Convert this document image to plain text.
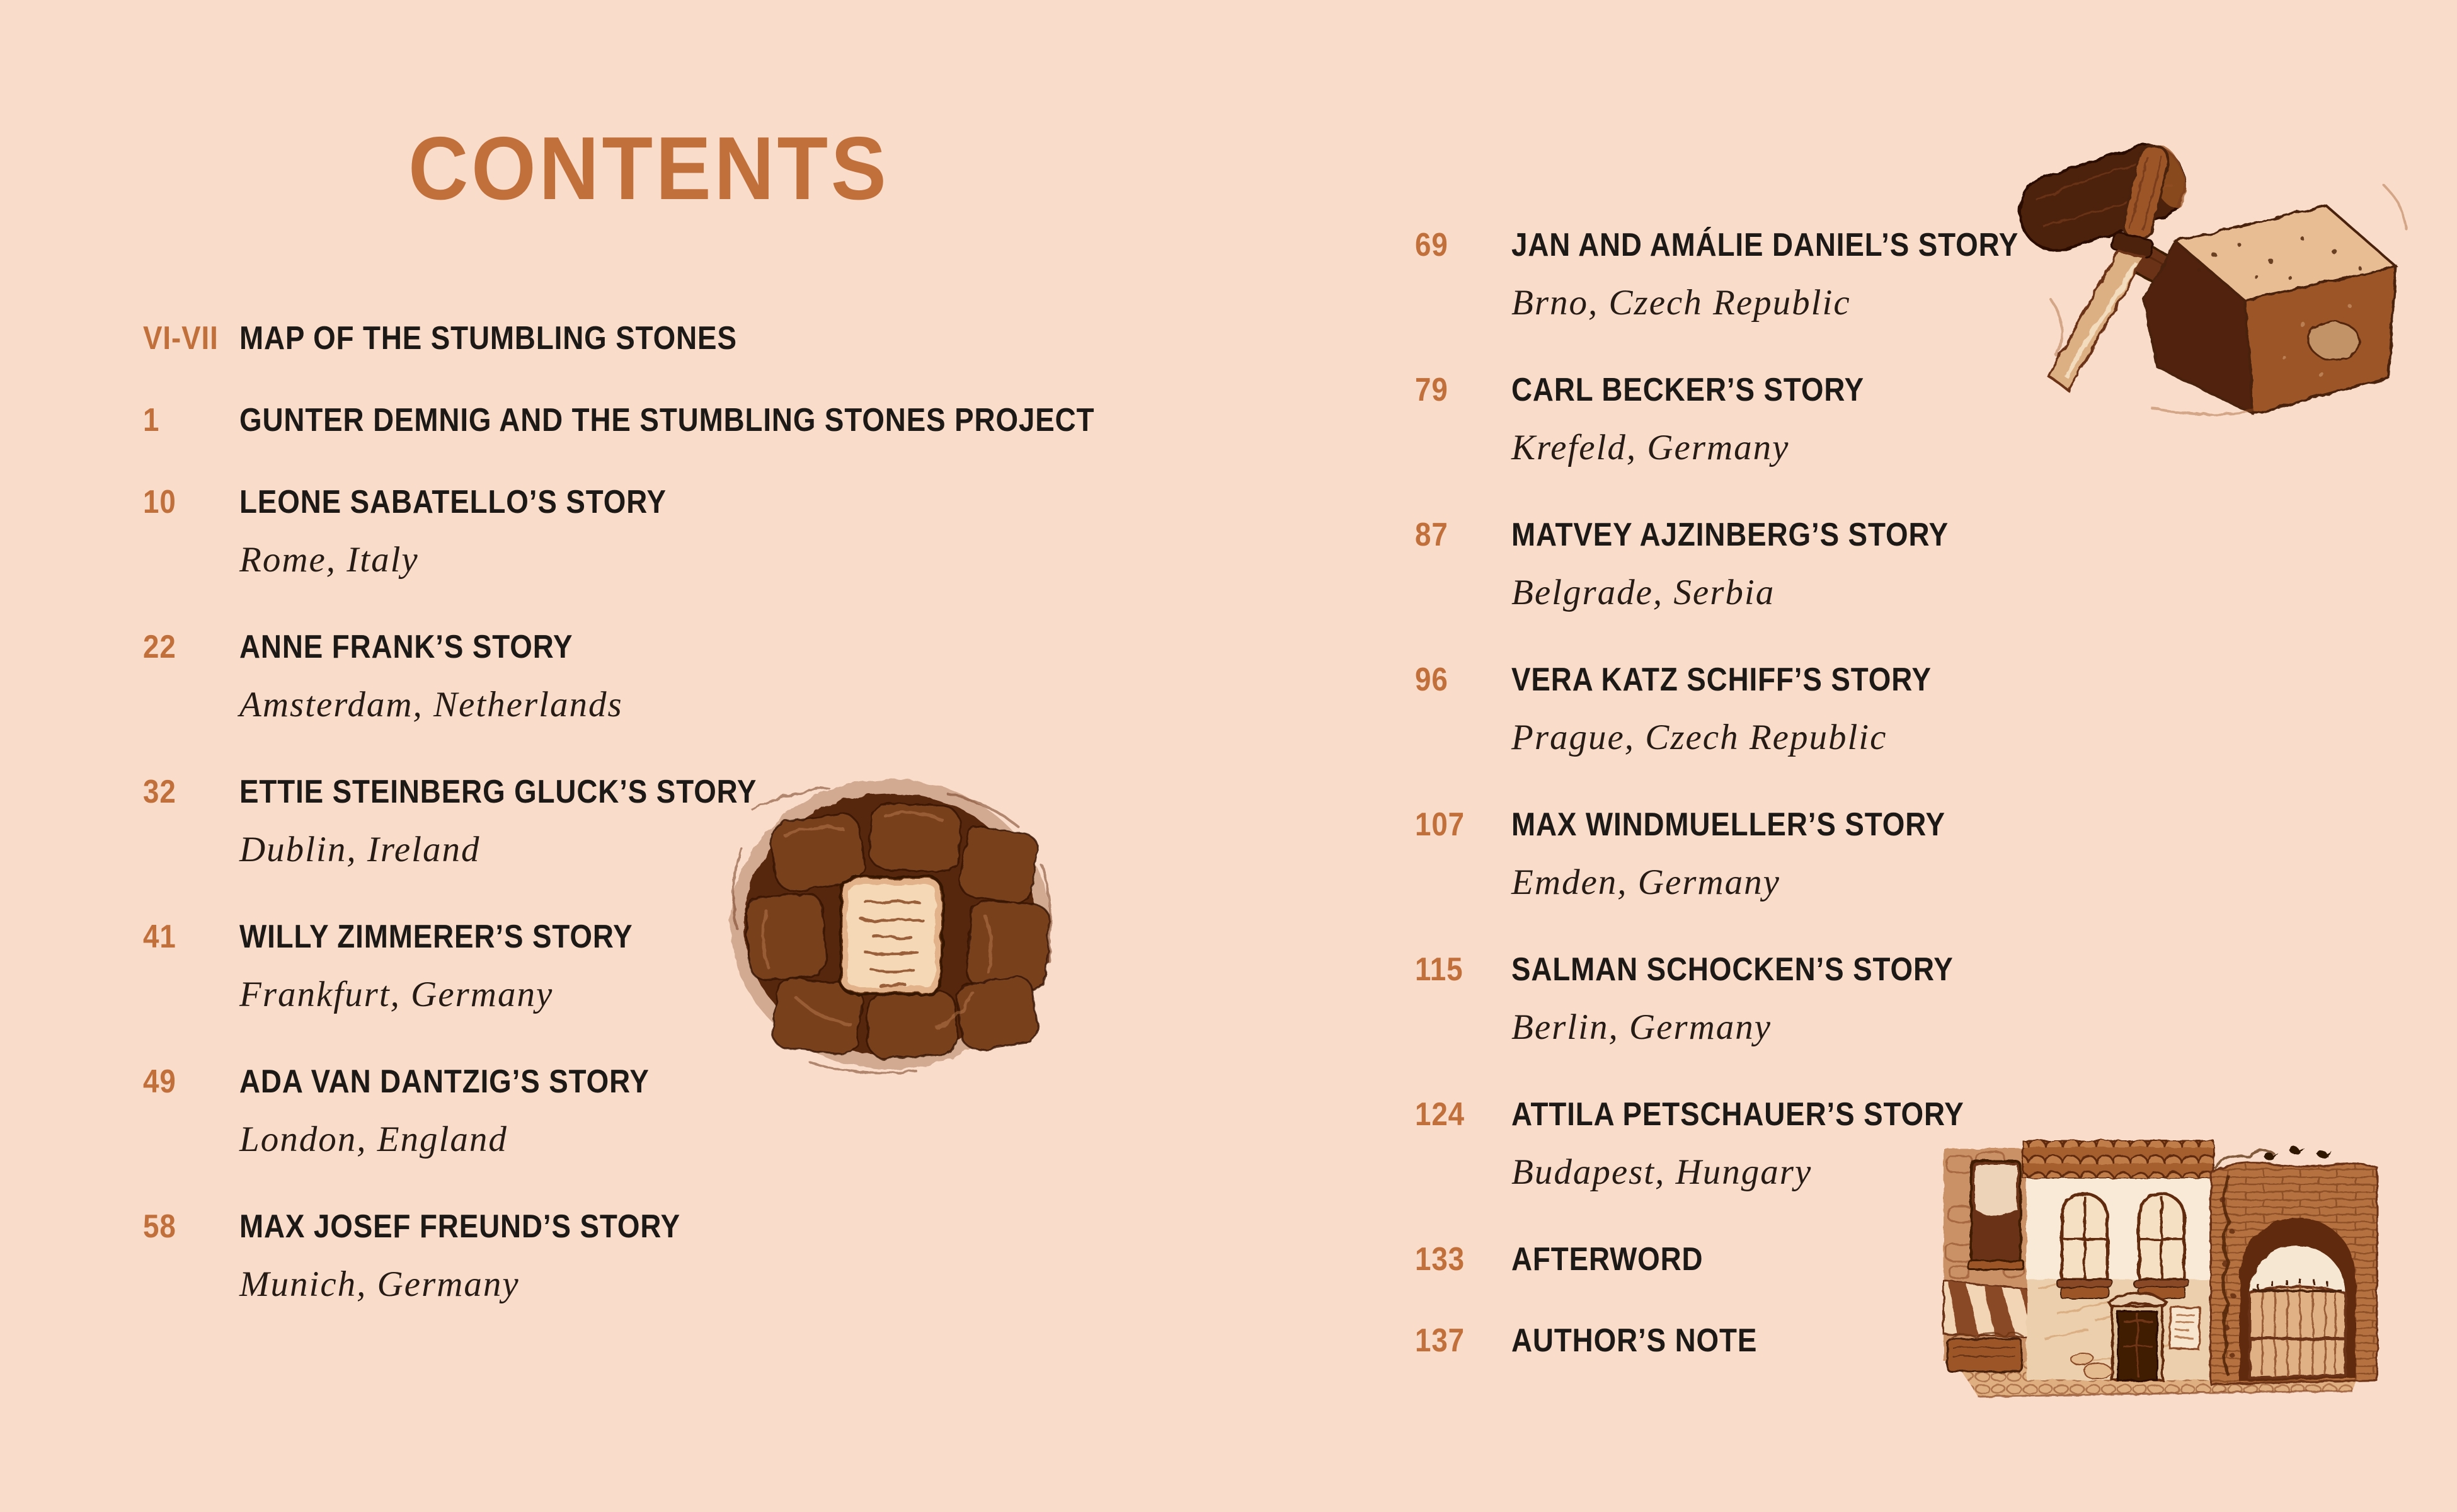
CONTENTS
VI-VII MAP OF THE STUMBLING STONES
1	GUNTER DEMNIG AND THE STUMBLING STONES PROJECT
10	LEONE SABATELLO’S STORY
Rome, Italy
22	ANNE FRANK’S STORY
Amsterdam, Netherlands
32	ETTIE STEINBERG GLUCK’S STORY
Dublin, Ireland
41	WILLY ZIMMERER’S STORY
Frankfurt, Germany
49	ADA VAN DANTZIG’S STORY
London, England
58	MAX JOSEF FREUND’S STORY
Munich, Germany
69	JAN AND AMÁLIE DANIEL’S STORY
Brno, Czech Republic
79	CARL BECKER’S STORY
Krefeld, Germany
87	MATVEY AJZINBERG’S STORY
Belgrade, Serbia
96	VERA KATZ SCHIFF’S STORY
Prague, Czech Republic
107	MAX WINDMUELLER’S STORY
Emden, Germany
115	SALMAN SCHOCKEN’S STORY
Berlin, Germany
124	ATTILA PETSCHAUER’S STORY
Budapest, Hungary
133	AFTERWORD
137	AUTHOR’S NOTE
